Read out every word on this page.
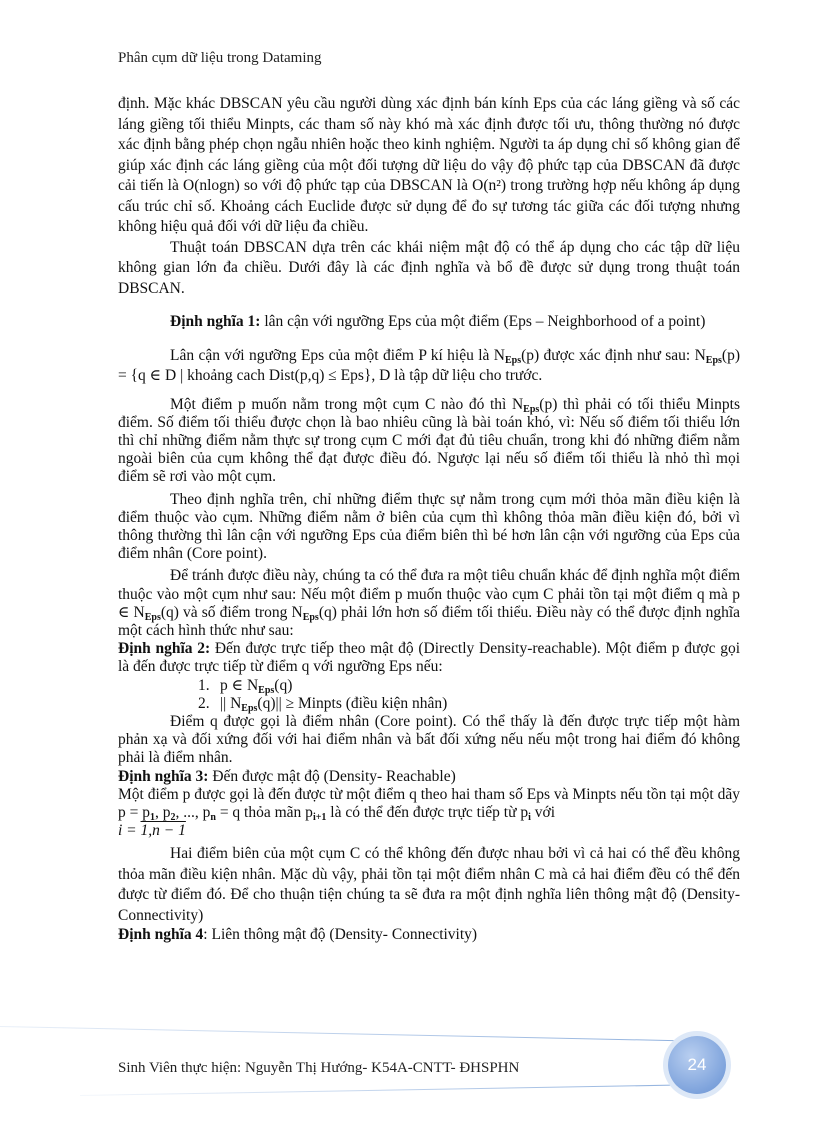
Phân cụm dữ liệu trong Dataming

định. Mặc khác DBSCAN yêu cầu người dùng xác định bán kính Eps của các láng giềng và số các láng giềng tối thiểu Minpts, các tham số này khó mà xác định được tối ưu, thông thường nó được xác định bằng phép chọn ngẫu nhiên hoặc theo kinh nghiệm. Người ta áp dụng chỉ số không gian để giúp xác định các láng giềng của một đối tượng dữ liệu do vậy độ phức tạp của DBSCAN đã được cải tiến là O(nlogn) so với độ phức tạp của DBSCAN là O(n²) trong trường hợp nếu không áp dụng cấu trúc chỉ số. Khoảng cách Euclide được sử dụng để đo sự tương tác giữa các đối tượng nhưng không hiệu quả đối với dữ liệu đa chiều.

Thuật toán DBSCAN dựa trên các khái niệm mật độ có thể áp dụng cho các tập dữ liệu không gian lớn đa chiều. Dưới đây là các định nghĩa và bổ đề được sử dụng trong thuật toán DBSCAN.

Định nghĩa 1: lân cận với ngưỡng Eps của một điểm (Eps – Neighborhood of a point)

Lân cận với ngưỡng Eps của một điểm P kí hiệu là $N_{Eps}(p)$ được xác định như sau: $N_{Eps}(p) = \{q$ ∈ D | khoảng cach Dist(p,q) ≤ Eps}, D là tập dữ liệu cho trước.

Một điểm p muốn nằm trong một cụm C nào đó thì $N_{Eps}(p)$ thì phải có tối thiểu Minpts điểm. Số điểm tối thiểu được chọn là bao nhiêu cũng là bài toán khó, vì: Nếu số điểm tối thiểu lớn thì chỉ những điểm nằm thực sự trong cụm C mới đạt đủ tiêu chuẩn, trong khi đó những điểm nằm ngoài biên của cụm không thể đạt được điều đó. Ngược lại nếu số điểm tối thiểu là nhỏ thì mọi điểm sẽ rơi vào một cụm.

Theo định nghĩa trên, chỉ những điểm thực sự nằm trong cụm mới thỏa mãn điều kiện là điểm thuộc vào cụm. Những điểm nằm ở biên của cụm thì không thỏa mãn điều kiện đó, bởi vì thông thường thì lân cận với ngưỡng Eps của điểm biên thì bé hơn lân cận với ngưỡng của Eps của điểm nhân (Core point).

Để tránh được điều này, chúng ta có thể đưa ra một tiêu chuẩn khác để định nghĩa một điểm thuộc vào một cụm như sau: Nếu một điểm p muốn thuộc vào cụm C phải tồn tại một điểm q mà p ∈ $N_{Eps}(q)$ và số điểm trong $N_{Eps}(q)$ phải lớn hơn số điểm tối thiểu. Điều này có thể được định nghĩa một cách hình thức như sau:

Định nghĩa 2: Đến được trực tiếp theo mật độ (Directly Density-reachable). Một điểm p được gọi là đến được trực tiếp từ điểm q với ngưỡng Eps nếu:

1. p ∈ $N_{Eps}(q)$
2. || $N_{Eps}(q)||$ ≥ Minpts (điều kiện nhân)

Điểm q được gọi là điểm nhân (Core point). Có thể thấy là đến được trực tiếp một hàm phản xạ và đối xứng đối với hai điểm nhân và bất đối xứng nếu nếu một trong hai điểm đó không phải là điểm nhân.

Định nghĩa 3: Đến được mật độ (Density- Reachable)

Một điểm p được gọi là đến được từ một điểm q theo hai tham số Eps và Minpts nếu tồn tại một dãy $p = p_1$, $p_2$, ..., $p_n = q$ thỏa mãn $p_{i+1}$ là có thể đến được trực tiếp từ $p_i$ với
i = 1,n − 1

Hai điểm biên của một cụm C có thể không đến được nhau bởi vì cả hai có thể đều không thỏa mãn điều kiện nhân. Mặc dù vậy, phải tồn tại một điểm nhân C mà cả hai điểm đều có thể đến được từ điểm đó. Để cho thuận tiện chúng ta sẽ đưa ra một định nghĩa liên thông mật độ (Density- Connectivity)

Định nghĩa 4: Liên thông mật độ (Density- Connectivity)

Sinh Viên thực hiện: Nguyễn Thị Hướng- K54A-CNTT- ĐHSPHN	24
